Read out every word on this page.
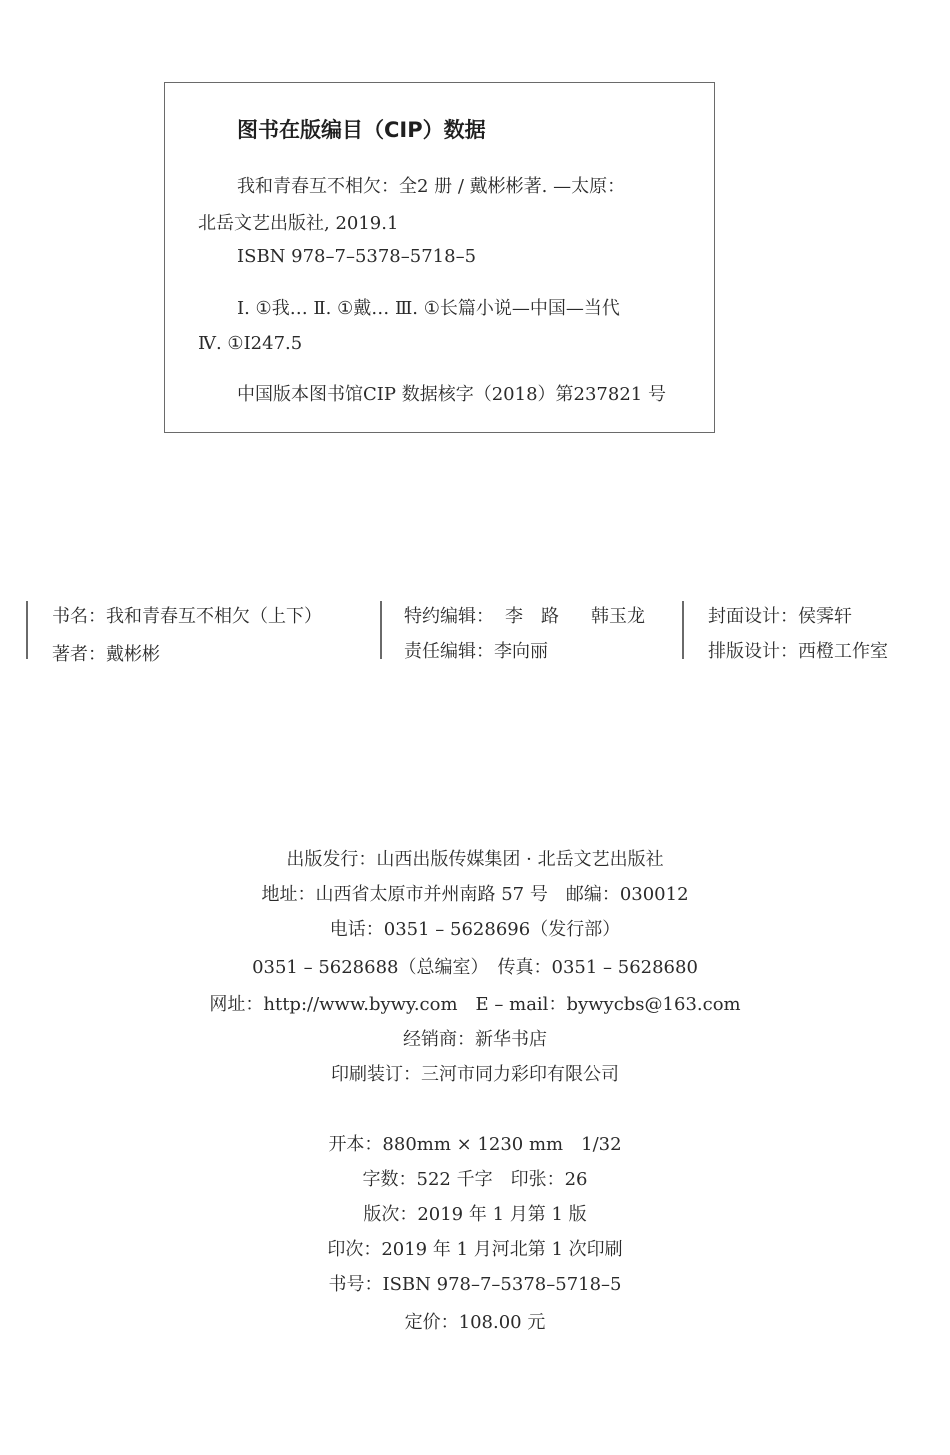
图书在版编目（CIP）数据
我和青春互不相欠：全2 册 / 戴彬彬著. —太原：
北岳文艺出版社, 2019.1
ISBN 978–7–5378–5718–5
Ⅰ. ①我… Ⅱ. ①戴… Ⅲ. ①长篇小说—中国—当代
Ⅳ. ①I247.5
中国版本图书馆CIP 数据核字（2018）第237821 号
书名：我和青春互不相欠（上下）
著者：戴彬彬
特约编辑： 李　路 韩玉龙
责任编辑：李向丽
封面设计：侯霁轩
排版设计：西橙工作室
出版发行：山西出版传媒集团 · 北岳文艺出版社
地址：山西省太原市并州南路 57 号　邮编：030012
电话：0351 – 5628696（发行部）
0351 – 5628688（总编室）　传真：0351 – 5628680
网址：http://www.bywy.com　E – mail：bywycbs@163.com
经销商：新华书店
印刷装订：三河市同力彩印有限公司
开本：880mm × 1230 mm　1/32
字数：522 千字　印张：26
版次：2019 年 1 月第 1 版
印次：2019 年 1 月河北第 1 次印刷
书号：ISBN 978–7–5378–5718–5
定价：108.00 元
